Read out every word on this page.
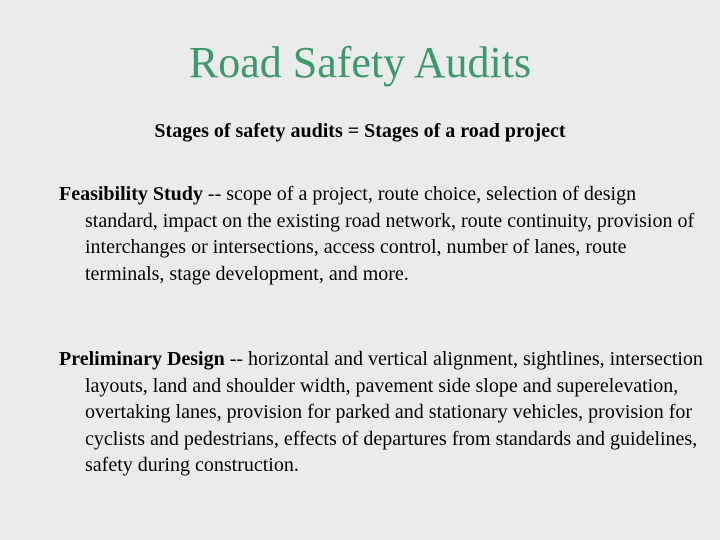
Road Safety Audits

Stages of safety audits = Stages of a road project

Feasibility Study -- scope of a project, route choice, selection of design standard, impact on the existing road network, route continuity, provision of interchanges or intersections, access control, number of lanes, route terminals, stage development, and more.

Preliminary Design -- horizontal and vertical alignment, sightlines, intersection layouts, land and shoulder width, pavement side slope and superelevation, overtaking lanes, provision for parked and stationary vehicles, provision for cyclists and pedestrians, effects of departures from standards and guidelines, safety during construction.
